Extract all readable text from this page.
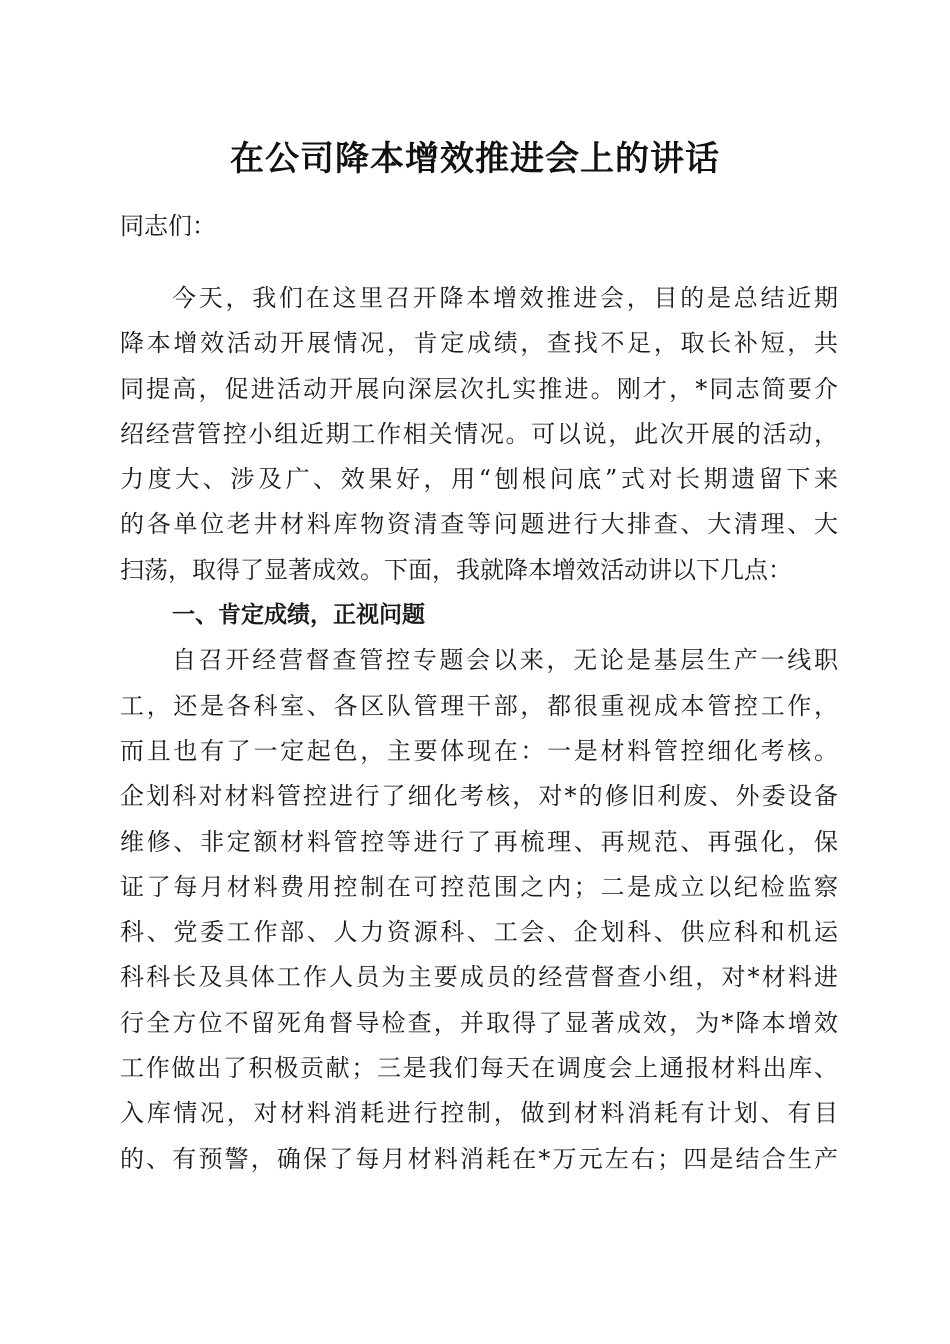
在公司降本增效推进会上的讲话
同志们：
今天，我们在这里召开降本增效推进会，目的是总结近期
降本增效活动开展情况，肯定成绩，查找不足，取长补短，共
同提高，促进活动开展向深层次扎实推进。刚才，*同志简要介
绍经营管控小组近期工作相关情况。可以说，此次开展的活动，
力度大、涉及广、效果好，用“刨根问底”式对长期遗留下来
的各单位老井材料库物资清查等问题进行大排查、大清理、大
扫荡，取得了显著成效。下面，我就降本增效活动讲以下几点：
一、肯定成绩，正视问题
自召开经营督查管控专题会以来，无论是基层生产一线职
工，还是各科室、各区队管理干部，都很重视成本管控工作，
而且也有了一定起色，主要体现在：一是材料管控细化考核。
企划科对材料管控进行了细化考核，对*的修旧利废、外委设备
维修、非定额材料管控等进行了再梳理、再规范、再强化，保
证了每月材料费用控制在可控范围之内；二是成立以纪检监察
科、党委工作部、人力资源科、工会、企划科、供应科和机运
科科长及具体工作人员为主要成员的经营督查小组，对*材料进
行全方位不留死角督导检查，并取得了显著成效，为*降本增效
工作做出了积极贡献；三是我们每天在调度会上通报材料出库、
入库情况，对材料消耗进行控制，做到材料消耗有计划、有目
的、有预警，确保了每月材料消耗在*万元左右；四是结合生产
